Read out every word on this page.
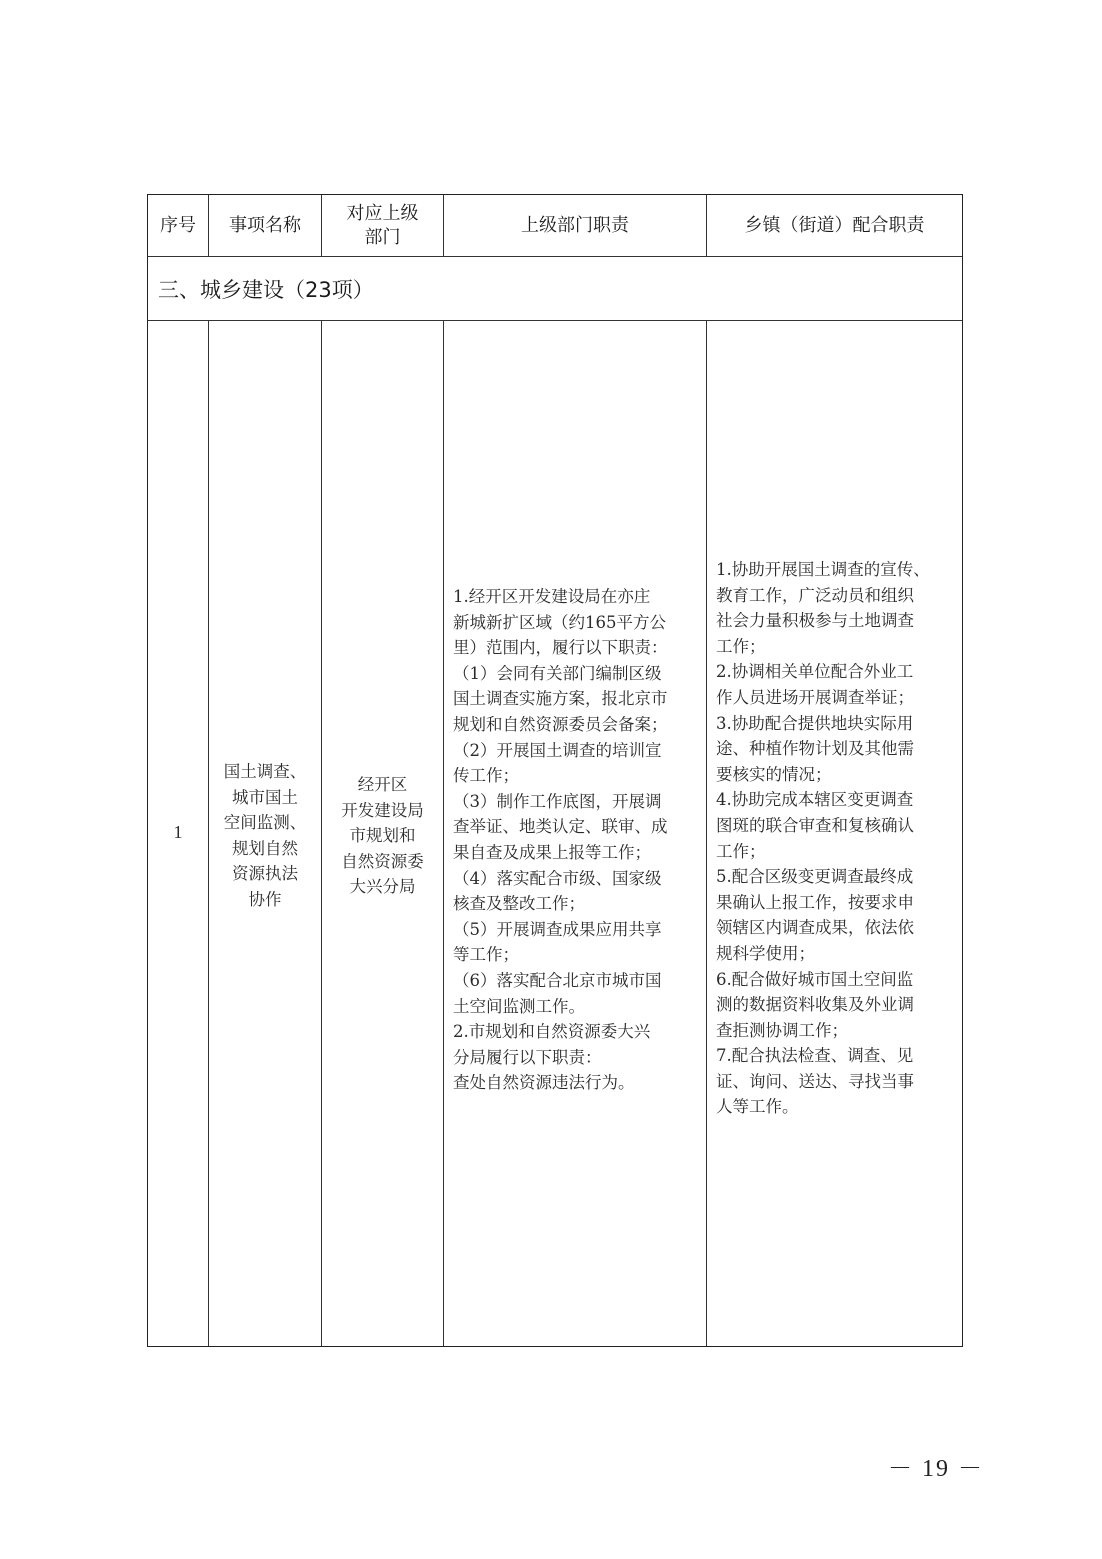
序号	事项名称
对应上级
部门
上级部门职责	乡镇（街道）配合职责
三、城乡建设（23项）
1
国土调查、
城市国土
空间监测、
规划自然
资源执法
协作
经开区
开发建设局
市规划和
自然资源委
大兴分局
1.经开区开发建设局在亦庄
新城新扩区域（约165平方公
里）范围内，履行以下职责：
（1）会同有关部门编制区级
国土调查实施方案，报北京市
规划和自然资源委员会备案；
（2）开展国土调查的培训宣
传工作；
（3）制作工作底图，开展调
查举证、地类认定、联审、成
果自查及成果上报等工作；
（4）落实配合市级、国家级
核查及整改工作；
（5）开展调查成果应用共享
等工作；
（6）落实配合北京市城市国
土空间监测工作。
2.市规划和自然资源委大兴
分局履行以下职责：
查处自然资源违法行为。
1.协助开展国土调查的宣传、
教育工作，广泛动员和组织
社会力量积极参与土地调查
工作；
2.协调相关单位配合外业工
作人员进场开展调查举证；
3.协助配合提供地块实际用
途、种植作物计划及其他需
要核实的情况；
4.协助完成本辖区变更调查
图斑的联合审查和复核确认
工作；
5.配合区级变更调查最终成
果确认上报工作，按要求申
领辖区内调查成果，依法依
规科学使用；
6.配合做好城市国土空间监
测的数据资料收集及外业调
查拒测协调工作；
7.配合执法检查、调查、见
证、询问、送达、寻找当事
人等工作。
－ 19 －
